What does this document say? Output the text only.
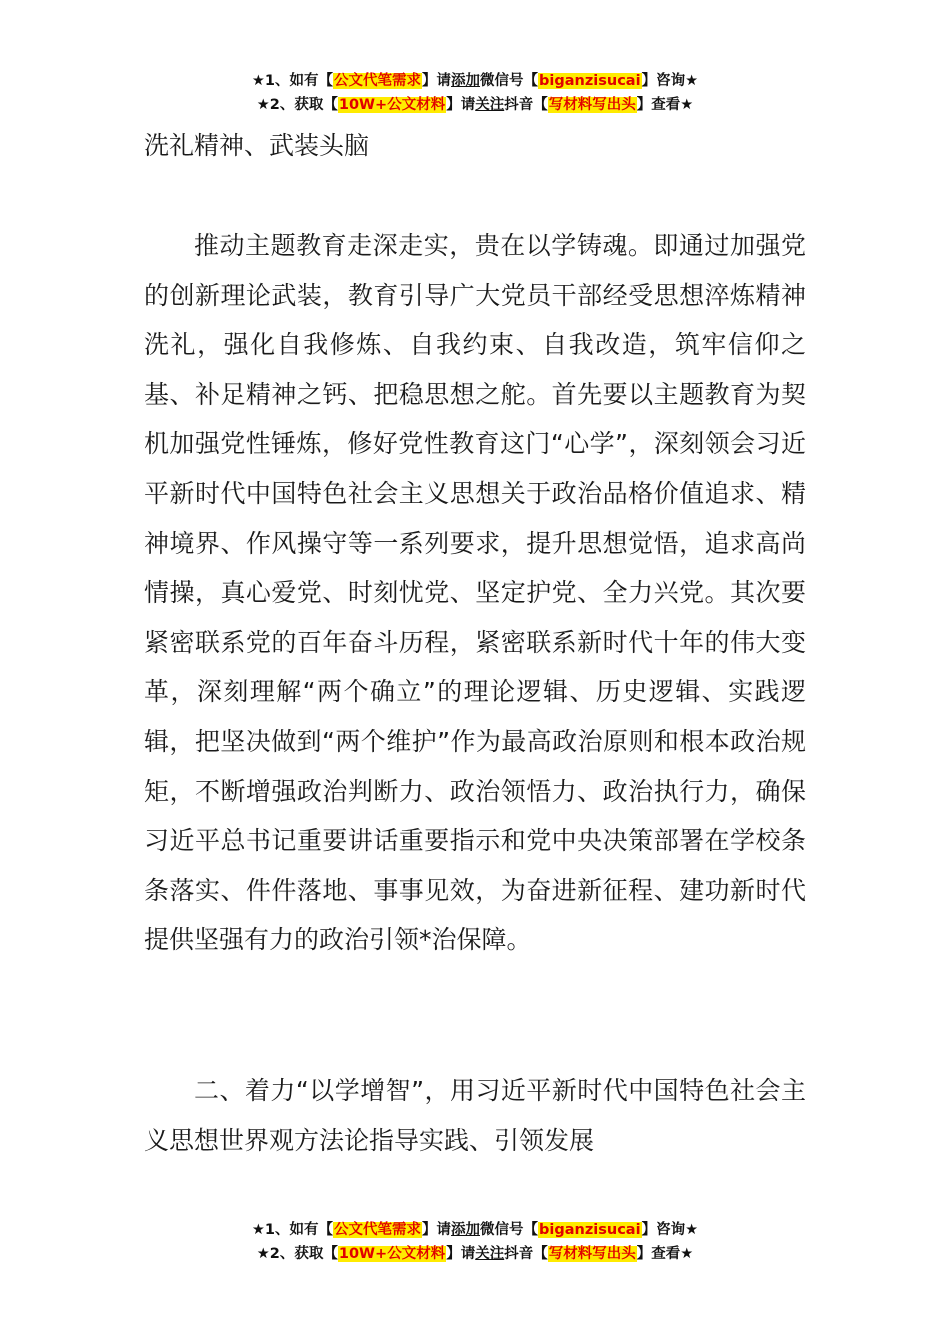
★1、如有【公文代笔需求】请添加微信号【biganzisucai】咨询★
★2、获取【10W+公文材料】请关注抖音【写材料写出头】查看★

洗礼精神、武装头脑

推动主题教育走深走实，贵在以学铸魂。即通过加强党的创新理论武装，教育引导广大党员干部经受思想淬炼精神洗礼，强化自我修炼、自我约束、自我改造，筑牢信仰之基、补足精神之钙、把稳思想之舵。首先要以主题教育为契机加强党性锤炼，修好党性教育这门“心学”，深刻领会习近平新时代中国特色社会主义思想关于政治品格价值追求、精神境界、作风操守等一系列要求，提升思想觉悟，追求高尚情操，真心爱党、时刻忧党、坚定护党、全力兴党。其次要紧密联系党的百年奋斗历程，紧密联系新时代十年的伟大变革，深刻理解“两个确立”的理论逻辑、历史逻辑、实践逻辑，把坚决做到“两个维护”作为最高政治原则和根本政治规矩，不断增强政治判断力、政治领悟力、政治执行力，确保习近平总书记重要讲话重要指示和党中央决策部署在学校条条落实、件件落地、事事见效，为奋进新征程、建功新时代提供坚强有力的政治引领*治保障。

二、着力“以学增智”，用习近平新时代中国特色社会主义思想世界观方法论指导实践、引领发展

★1、如有【公文代笔需求】请添加微信号【biganzisucai】咨询★
★2、获取【10W+公文材料】请关注抖音【写材料写出头】查看★
